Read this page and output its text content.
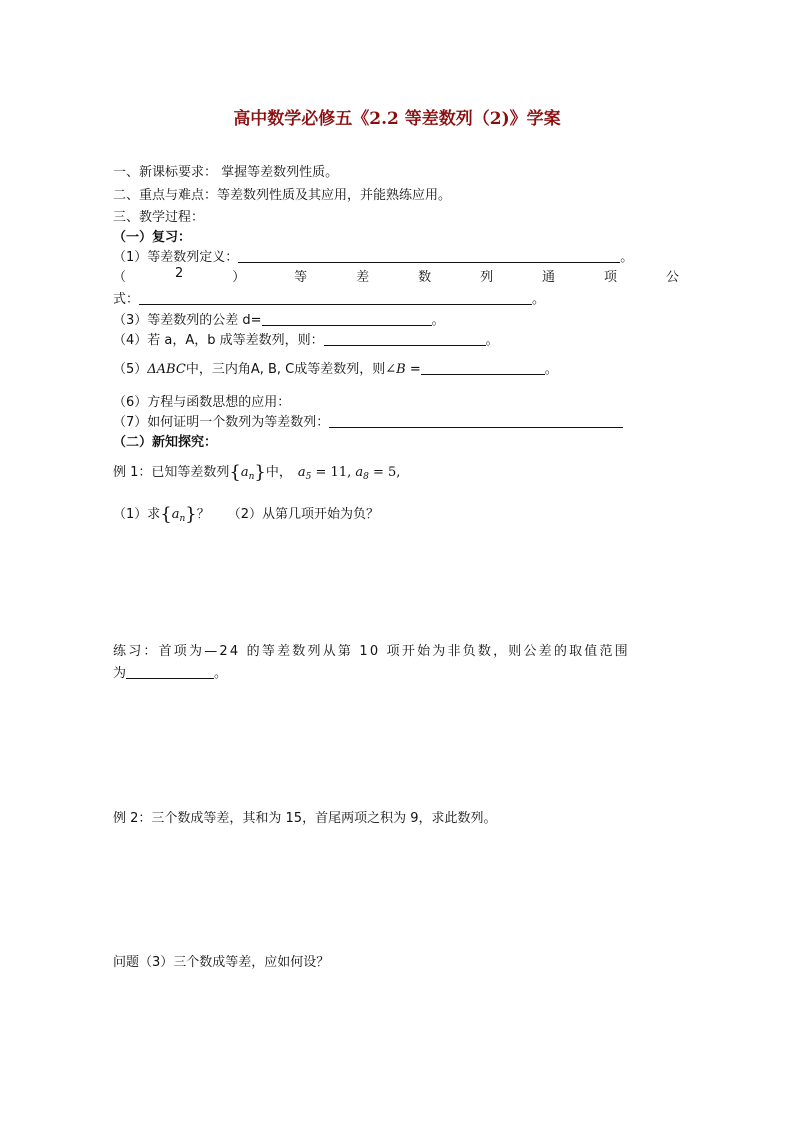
高中数学必修五《2.2 等差数列（2)》学案
一、新课标要求： 掌握等差数列性质。
二、重点与难点：等差数列性质及其应用，并能熟练应用。
三、教学过程：
（一）复习：
（1）等差数列定义：	。
（	2	）	等	差	数	列	通	项	公
式：	。
（3）等差数列的公差 d=	。
（4）若 a，A，b 成等差数列，则：	。
（5）ΔABC中，三内角A, B, C成等差数列，则∠B =	。
（6）方程与函数思想的应用：
（7）如何证明一个数列为等差数列：
（二）新知探究：
例 1：已知等差数列$\{a_n\}$中， $a_5 = 11$, $a_8 = 5$,
（1）求$\{a_n\}$？ （2）从第几项开始为负？
练习：首项为—24 的等差数列从第 10 项开始为非负数，则公差的取值范围
为	。
例 2：三个数成等差，其和为 15，首尾两项之积为 9，求此数列。
问题（3）三个数成等差，应如何设？
